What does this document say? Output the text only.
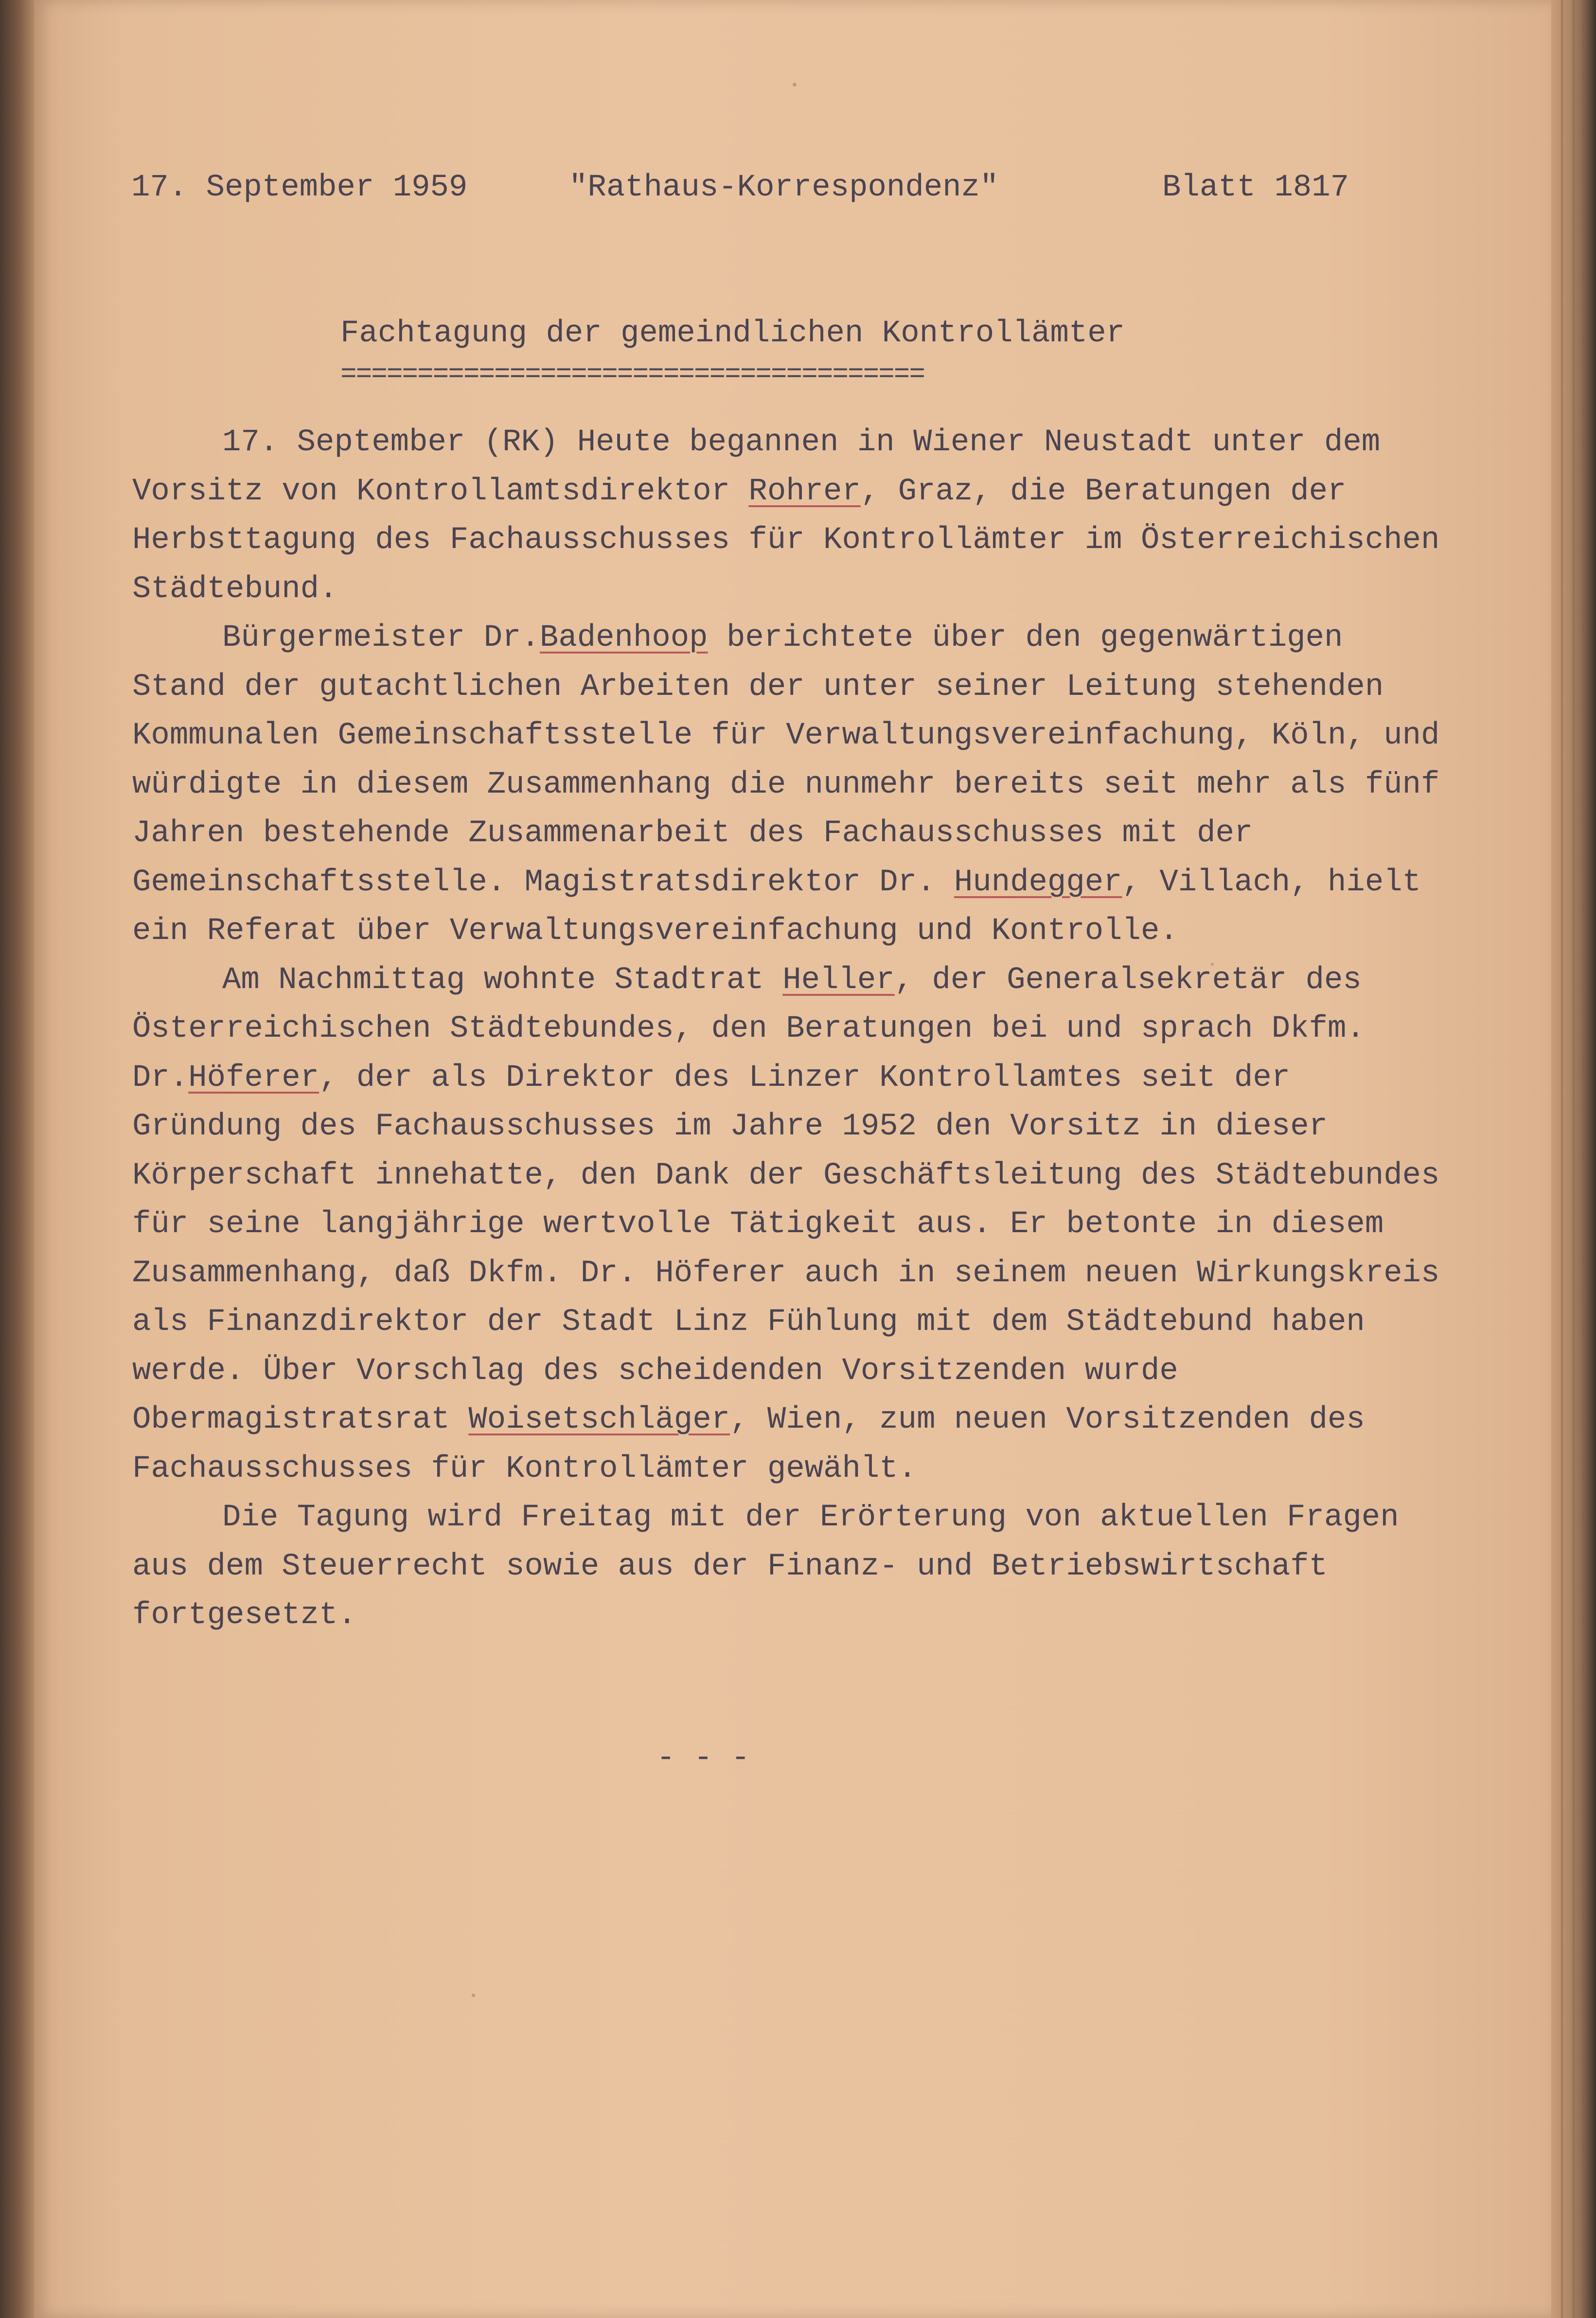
17. September 1959	"Rathaus-Korrespondenz"	Blatt 1817
Fachtagung der gemeindlichen Kontrollämter
======================================

17. September (RK) Heute begannen in Wiener Neustadt unter dem Vorsitz von Kontrollamtsdirektor Rohrer, Graz, die Beratungen der Herbsttagung des Fachausschusses für Kontrollämter im Österreichischen Städtebund.

Bürgermeister Dr.Badenhoop berichtete über den gegenwärtigen Stand der gutachtlichen Arbeiten der unter seiner Leitung stehenden Kommunalen Gemeinschaftsstelle für Verwaltungsvereinfachung, Köln, und würdigte in diesem Zusammenhang die nunmehr bereits seit mehr als fünf Jahren bestehende Zusammenarbeit des Fachausschusses mit der Gemeinschaftsstelle. Magistratsdirektor Dr. Hundegger, Villach, hielt ein Referat über Verwaltungsvereinfachung und Kontrolle.

Am Nachmittag wohnte Stadtrat Heller, der Generalsekretär des Österreichischen Städtebundes, den Beratungen bei und sprach Dkfm. Dr.Höferer, der als Direktor des Linzer Kontrollamtes seit der Gründung des Fachausschusses im Jahre 1952 den Vorsitz in dieser Körperschaft innehatte, den Dank der Geschäftsleitung des Städtebundes für seine langjährige wertvolle Tätigkeit aus. Er betonte in diesem Zusammenhang, daß Dkfm. Dr. Höferer auch in seinem neuen Wirkungskreis als Finanzdirektor der Stadt Linz Fühlung mit dem Städtebund haben werde. Über Vorschlag des scheidenden Vorsitzenden wurde Obermagistratsrat Woisetschläger, Wien, zum neuen Vorsitzenden des Fachausschusses für Kontrollämter gewählt.

Die Tagung wird Freitag mit der Erörterung von aktuellen Fragen aus dem Steuerrecht sowie aus der Finanz- und Betriebswirtschaft fortgesetzt.

- - -
